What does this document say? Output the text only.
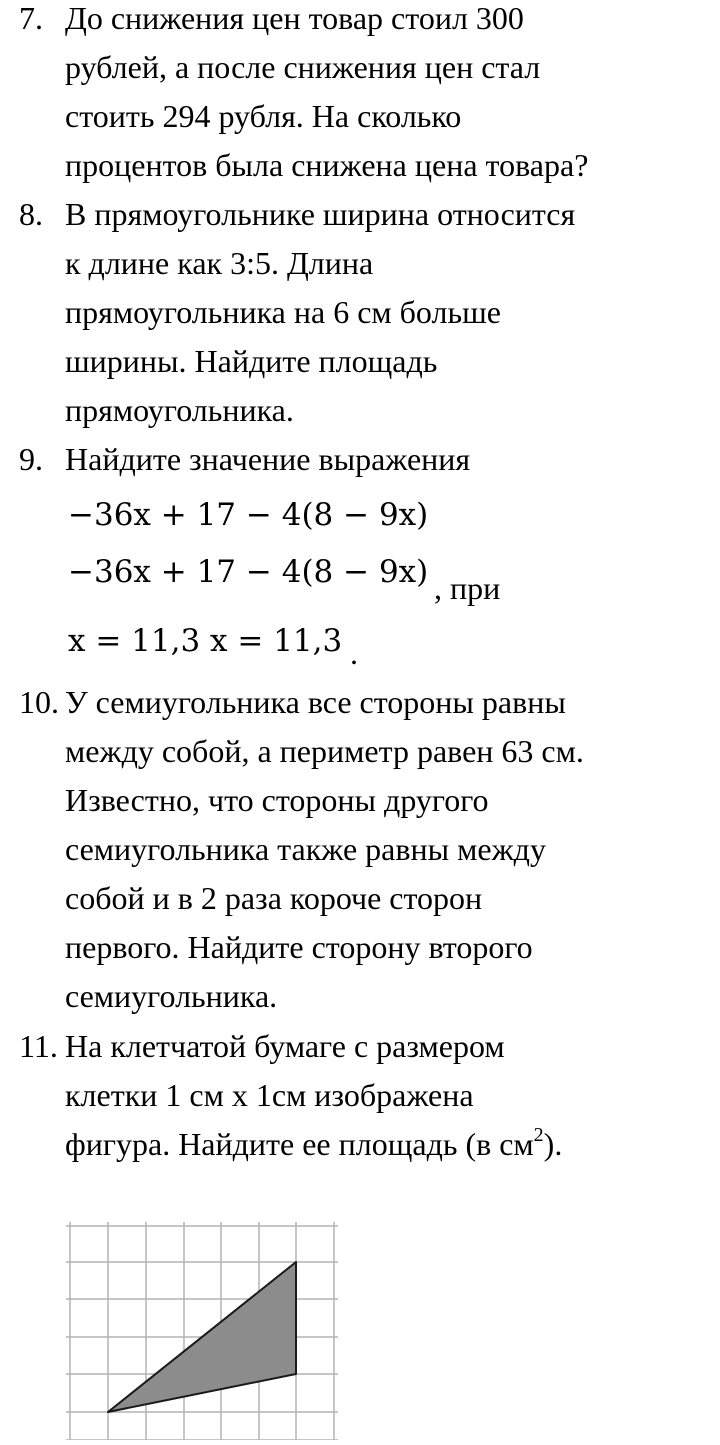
7. До снижения цен товар стоил 300
рублей, а после снижения цен стал
стоить 294 рубля. На сколько
процентов была снижена цена товара?
8. В прямоугольнике ширина относится
к длине как 3:5. Длина
прямоугольника на 6 см больше
ширины. Найдите площадь
прямоугольника.
9. Найдите значение выражения
−36x + 17 − 4(8 − 9x)
−36x + 17 − 4(8 − 9x) , при
x = 11,3 x = 11,3 .
10. У семиугольника все стороны равны
между собой, а периметр равен 63 см.
Известно, что стороны другого
семиугольника также равны между
собой и в 2 раза короче сторон
первого. Найдите сторону второго
семиугольника.
11. На клетчатой бумаге с размером
клетки 1 см х 1см изображена
фигура. Найдите ее площадь (в $см^2$).
